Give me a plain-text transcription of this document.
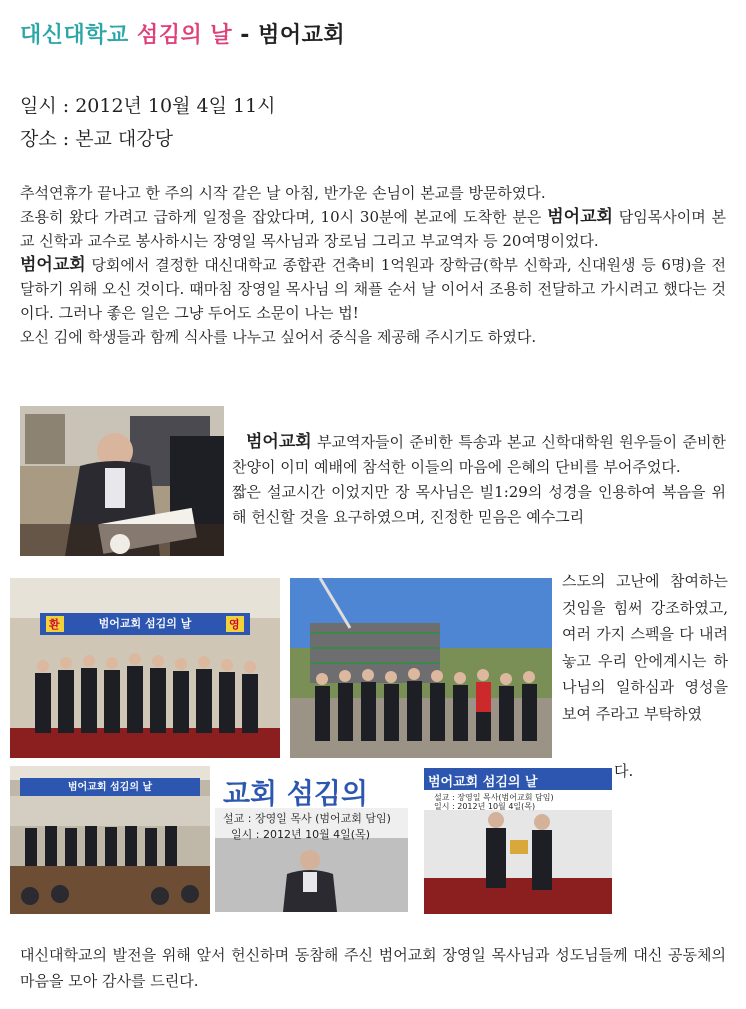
대신대학교 섬김의 날 - 범어교회
일시 : 2012년 10월 4일 11시
장소 : 본교 대강당
추석연휴가 끝나고 한 주의 시작 같은 날 아침, 반가운 손님이 본교를 방문하였다.
조용히 왔다 가려고 급하게 일정을 잡았다며, 10시 30분에 본교에 도착한 분은 범어교회 담임목사이며 본교 신학과 교수로 봉사하시는 장영일 목사님과 장로님 그리고 부교역자 등 20여명이었다.
범어교회 당회에서 결정한 대신대학교 종합관 건축비 1억원과 장학금(학부 신학과, 신대원생 등 6명)을 전달하기 위해 오신 것이다. 때마침 장영일 목사님 의 채플 순서 날 이어서 조용히 전달하고 가시려고 했다는 것이다. 그러나 좋은 일은 그냥 두어도 소문이 나는 법!
오신 김에 학생들과 함께 식사를 나누고 싶어서 중식을 제공해 주시기도 하였다.
범어교회 부교역자들이 준비한 특송과 본교 신학대학원 원우들이 준비한 찬양이 이미 예배에 참석한 이들의 마음에 은혜의 단비를 부어주었다.
짧은 설교시간 이었지만 장 목사님은 빌1:29의 성경을 인용하여 복음을 위해 헌신할 것을 요구하였으며, 진정한 믿음은 예수그리
범어교회 섬김의 날
환	영
스도의 고난에 참여하는 것임을 힘써 강조하였고, 여러 가지 스펙을 다 내려놓고 우리 안에계시는 하나님의 일하심과 영성을 보여 주라고 부탁하였
다.
범어교회 섬김의 날	교회 섬김의
설교 : 장영일 목사 (범어교회 담임)
일시 : 2012년 10월 4일(목)
범어교회 섬김의 날
설교 : 장영일 목사(범어교회 담임)
일시 : 2012년 10월 4일(목)
대신대학교의 발전을 위해 앞서 헌신하며 동참해 주신 범어교회 장영일 목사님과 성도님들께 대신 공동체의 마음을 모아 감사를 드린다.
